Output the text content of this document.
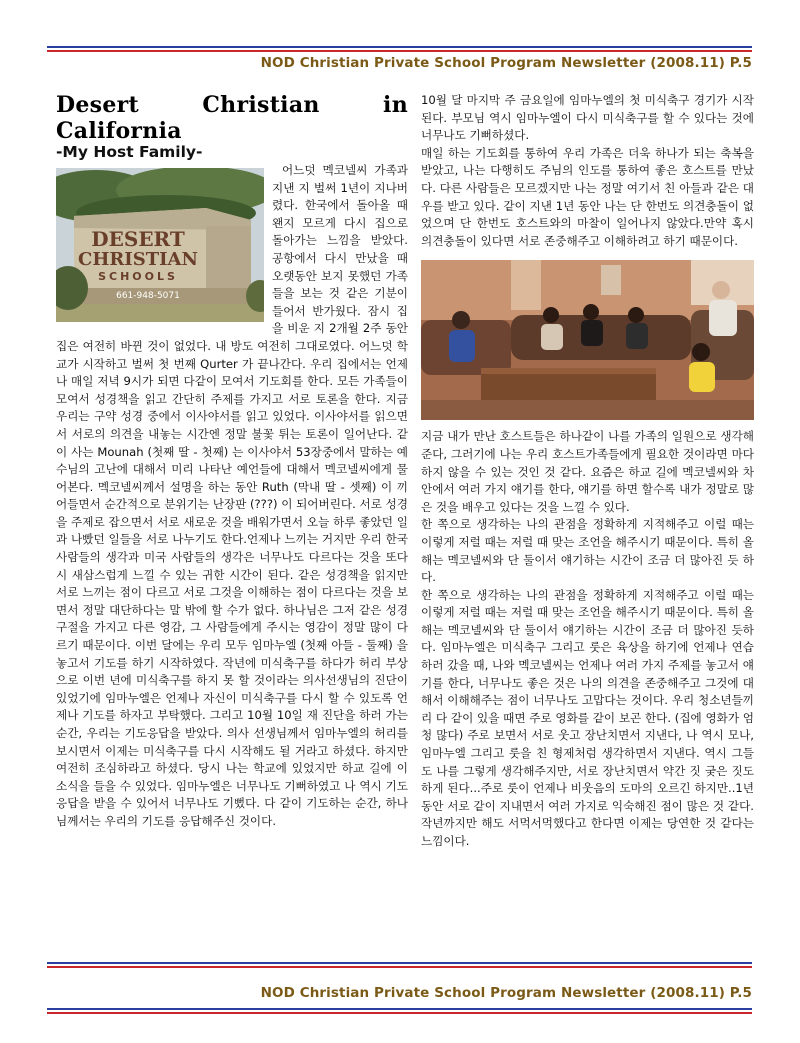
NOD Christian Private School Program Newsletter (2008.11) P.5
Desert Christian in California
-My Host Family-
DESERT
CHRISTIAN
SCHOOLS
661-948-5071

어느덧 멕코넬씨 가족과 지낸 지 벌써 1년이 지나버렸다. 한국에서 돌아올 때 왠지 모르게 다시 집으로 돌아가는 느낌을 받았다. 공항에서 다시 만났을 때 오랫동안 보지 못했던 가족들을 보는 것 같은 기분이 들어서 반가웠다. 잠시 집을 비운 지 2개월 2주 동안 집은 여전히 바뀐 것이 없었다. 내 방도 여전히 그대로였다. 어느덧 학교가 시작하고 벌써 첫 번째 Qurter 가 끝나간다. 우리 집에서는 언제나 매일 저녁 9시가 되면 다같이 모여서 기도회를 한다. 모든 가족들이 모여서 성경책을 읽고 간단히 주제를 가지고 서로 토론을 한다. 지금 우리는 구약 성경 중에서 이사야서를 읽고 있었다. 이사야서를 읽으면서 서로의 의견을 내놓는 시간엔 정말 불꽃 튀는 토론이 일어난다. 같이 사는 Mounah (첫째 딸 - 첫째) 는 이사야서 53장중에서 말하는 예수님의 고난에 대해서 미리 나타난 예언들에 대해서 멕코넬씨에게 물어본다. 멕코넬씨께서 설명을 하는 동안 Ruth (막내 딸 - 셋째) 이 끼어들면서 순간적으로 분위기는 난장판 (???) 이 되어버린다. 서로 성경을 주제로 잡으면서 서로 새로운 것을 배워가면서 오늘 하루 좋았던 일과 나빴던 일들을 서로 나누기도 한다.언제나 느끼는 거지만 우리 한국사람들의 생각과 미국 사람들의 생각은 너무나도 다르다는 것을 또다시 새삼스럽게 느낄 수 있는 귀한 시간이 된다. 같은 성경책을 읽지만 서로 느끼는 점이 다르고 서로 그것을 이해하는 점이 다르다는 것을 보면서 정말 대단하다는 말 밖에 할 수가 없다. 하나님은 그저 같은 성경구절을 가지고 다른 영감, 그 사람들에게 주시는 영감이 정말 많이 다르기 때문이다. 이번 달에는 우리 모두 임마누엘 (첫째 아들 - 둘째) 을 놓고서 기도를 하기 시작하였다. 작년에 미식축구를 하다가 허리 부상으로 이번 년에 미식축구를 하지 못 할 것이라는 의사선생님의 진단이 있었기에 임마누엘은 언제나 자신이 미식축구를 다시 할 수 있도록 언제나 기도를 하자고 부탁했다. 그리고 10월 10일 재 진단을 하러 가는 순간, 우리는 기도응답을 받았다. 의사 선생님께서 임마누엘의 허리를 보시면서 이제는 미식축구를 다시 시작해도 될 거라고 하셨다. 하지만 여전히 조심하라고 하셨다. 당시 나는 학교에 있었지만 하교 길에 이 소식을 들을 수 있었다. 임마누엘은 너무나도 기뻐하였고 나 역시 기도응답을 받을 수 있어서 너무나도 기뻤다. 다 같이 기도하는 순간, 하나님께서는 우리의 기도를 응답해주신 것이다.

10월 달 마지막 주 금요일에 임마누엘의 첫 미식축구 경기가 시작된다. 부모님 역시 임마누엘이 다시 미식축구를 할 수 있다는 것에 너무나도 기뻐하셨다.

매일 하는 기도회를 통하여 우리 가족은 더욱 하나가 되는 축복을 받았고, 나는 다행히도 주님의 인도를 통하여 좋은 호스트를 만났다. 다른 사람들은 모르겠지만 나는 정말 여기서 친 아들과 같은 대우를 받고 있다. 같이 지낸 1년 동안 나는 단 한번도 의견충돌이 없었으며 단 한번도 호스트와의 마찰이 일어나지 않았다.만약 혹시 의견충돌이 있다면 서로 존중해주고 이해하려고 하기 때문이다.

지금 내가 만난 호스트들은 하나같이 나를 가족의 일원으로 생각해준다, 그러기에 나는 우리 호스트가족들에게 필요한 것이라면 마다하지 않을 수 있는 것인 것 같다. 요즘은 하교 길에 멕코넬씨와 차 안에서 여러 가지 얘기를 한다, 얘기를 하면 할수록 내가 정말로 많은 것을 배우고 있다는 것을 느낄 수 있다.

한 쪽으로 생각하는 나의 관점을 정확하게 지적해주고 이럴 때는 이렇게 저럴 때는 저럴 때 맞는 조언을 해주시기 때문이다. 특히 올해는 멕코넬씨와 단 둘이서 얘기하는 시간이 조금 더 많아진 듯 하다.

한 쪽으로 생각하는 나의 관점을 정확하게 지적해주고 이럴 때는 이렇게 저럴 때는 저럴 때 맞는 조언을 해주시기 때문이다. 특히 올해는 멕코넬씨와 단 둘이서 얘기하는 시간이 조금 더 많아진 듯하다. 임마누엘은 미식축구 그리고 룻은 육상을 하기에 언제나 연습하러 갔을 때, 나와 멕코넬씨는 언제나 여러 가지 주제를 놓고서 얘기를 한다, 너무나도 좋은 것은 나의 의견을 존중해주고 그것에 대해서 이해해주는 점이 너무나도 고맙다는 것이다. 우리 청소년들끼리 다 같이 있을 때면 주로 영화를 같이 보곤 한다. (집에 영화가 엄청 많다) 주로 보면서 서로 웃고 장난치면서 지낸다, 나 역시 모나, 임마누엘 그리고 룻을 친 형제처럼 생각하면서 지낸다. 역시 그들도 나를 그렇게 생각해주지만, 서로 장난치면서 약간 짓 궂은 짓도 하게 된다...주로 룻이 언제나 비웃음의 도마의 오르긴 하지만..1년 동안 서로 같이 지내면서 여러 가지로 익숙해진 점이 많은 것 같다. 작년까지만 해도 서먹서먹했다고 한다면 이제는 당연한 것 같다는 느낌이다.

NOD Christian Private School Program Newsletter (2008.11) P.5
